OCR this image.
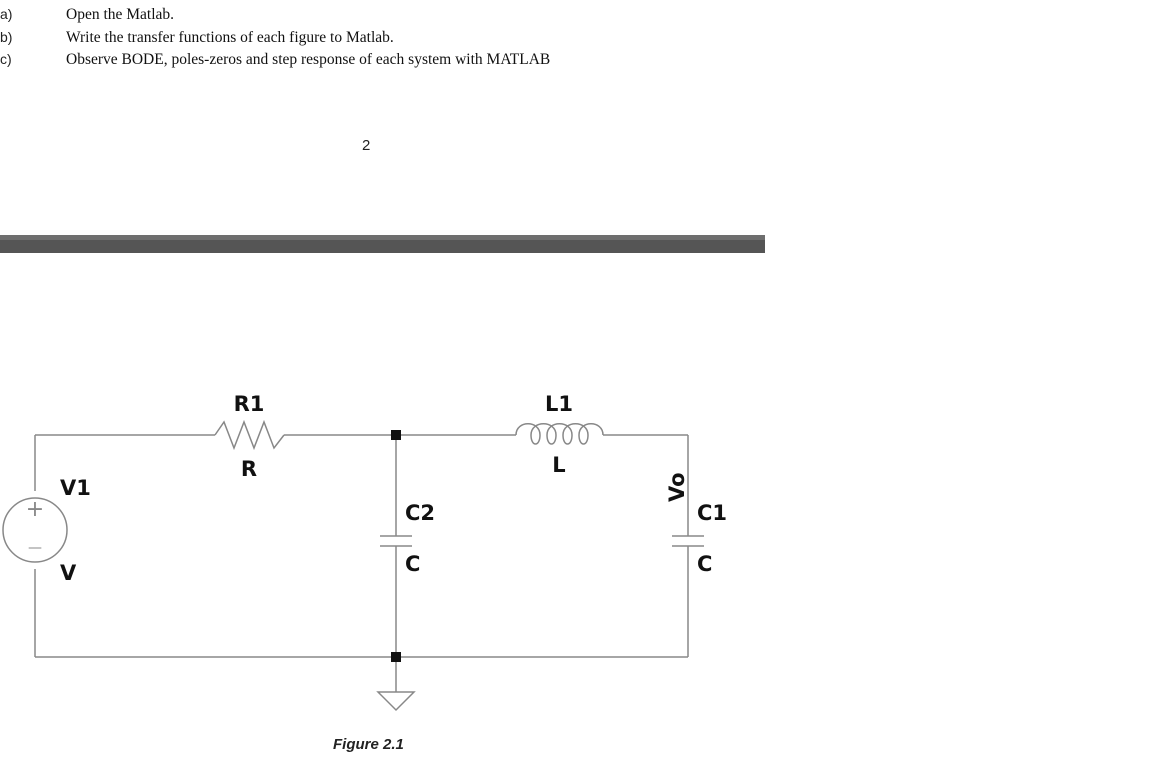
a)	Open the Matlab.
b)	Write the transfer functions of each figure to Matlab.
c)	Observe BODE, poles-zeros and step response of each system with MATLAB
2
+
—
R1
R
L1
L
V1
V
C2
C
C1
C
Vo
Figure 2.1
